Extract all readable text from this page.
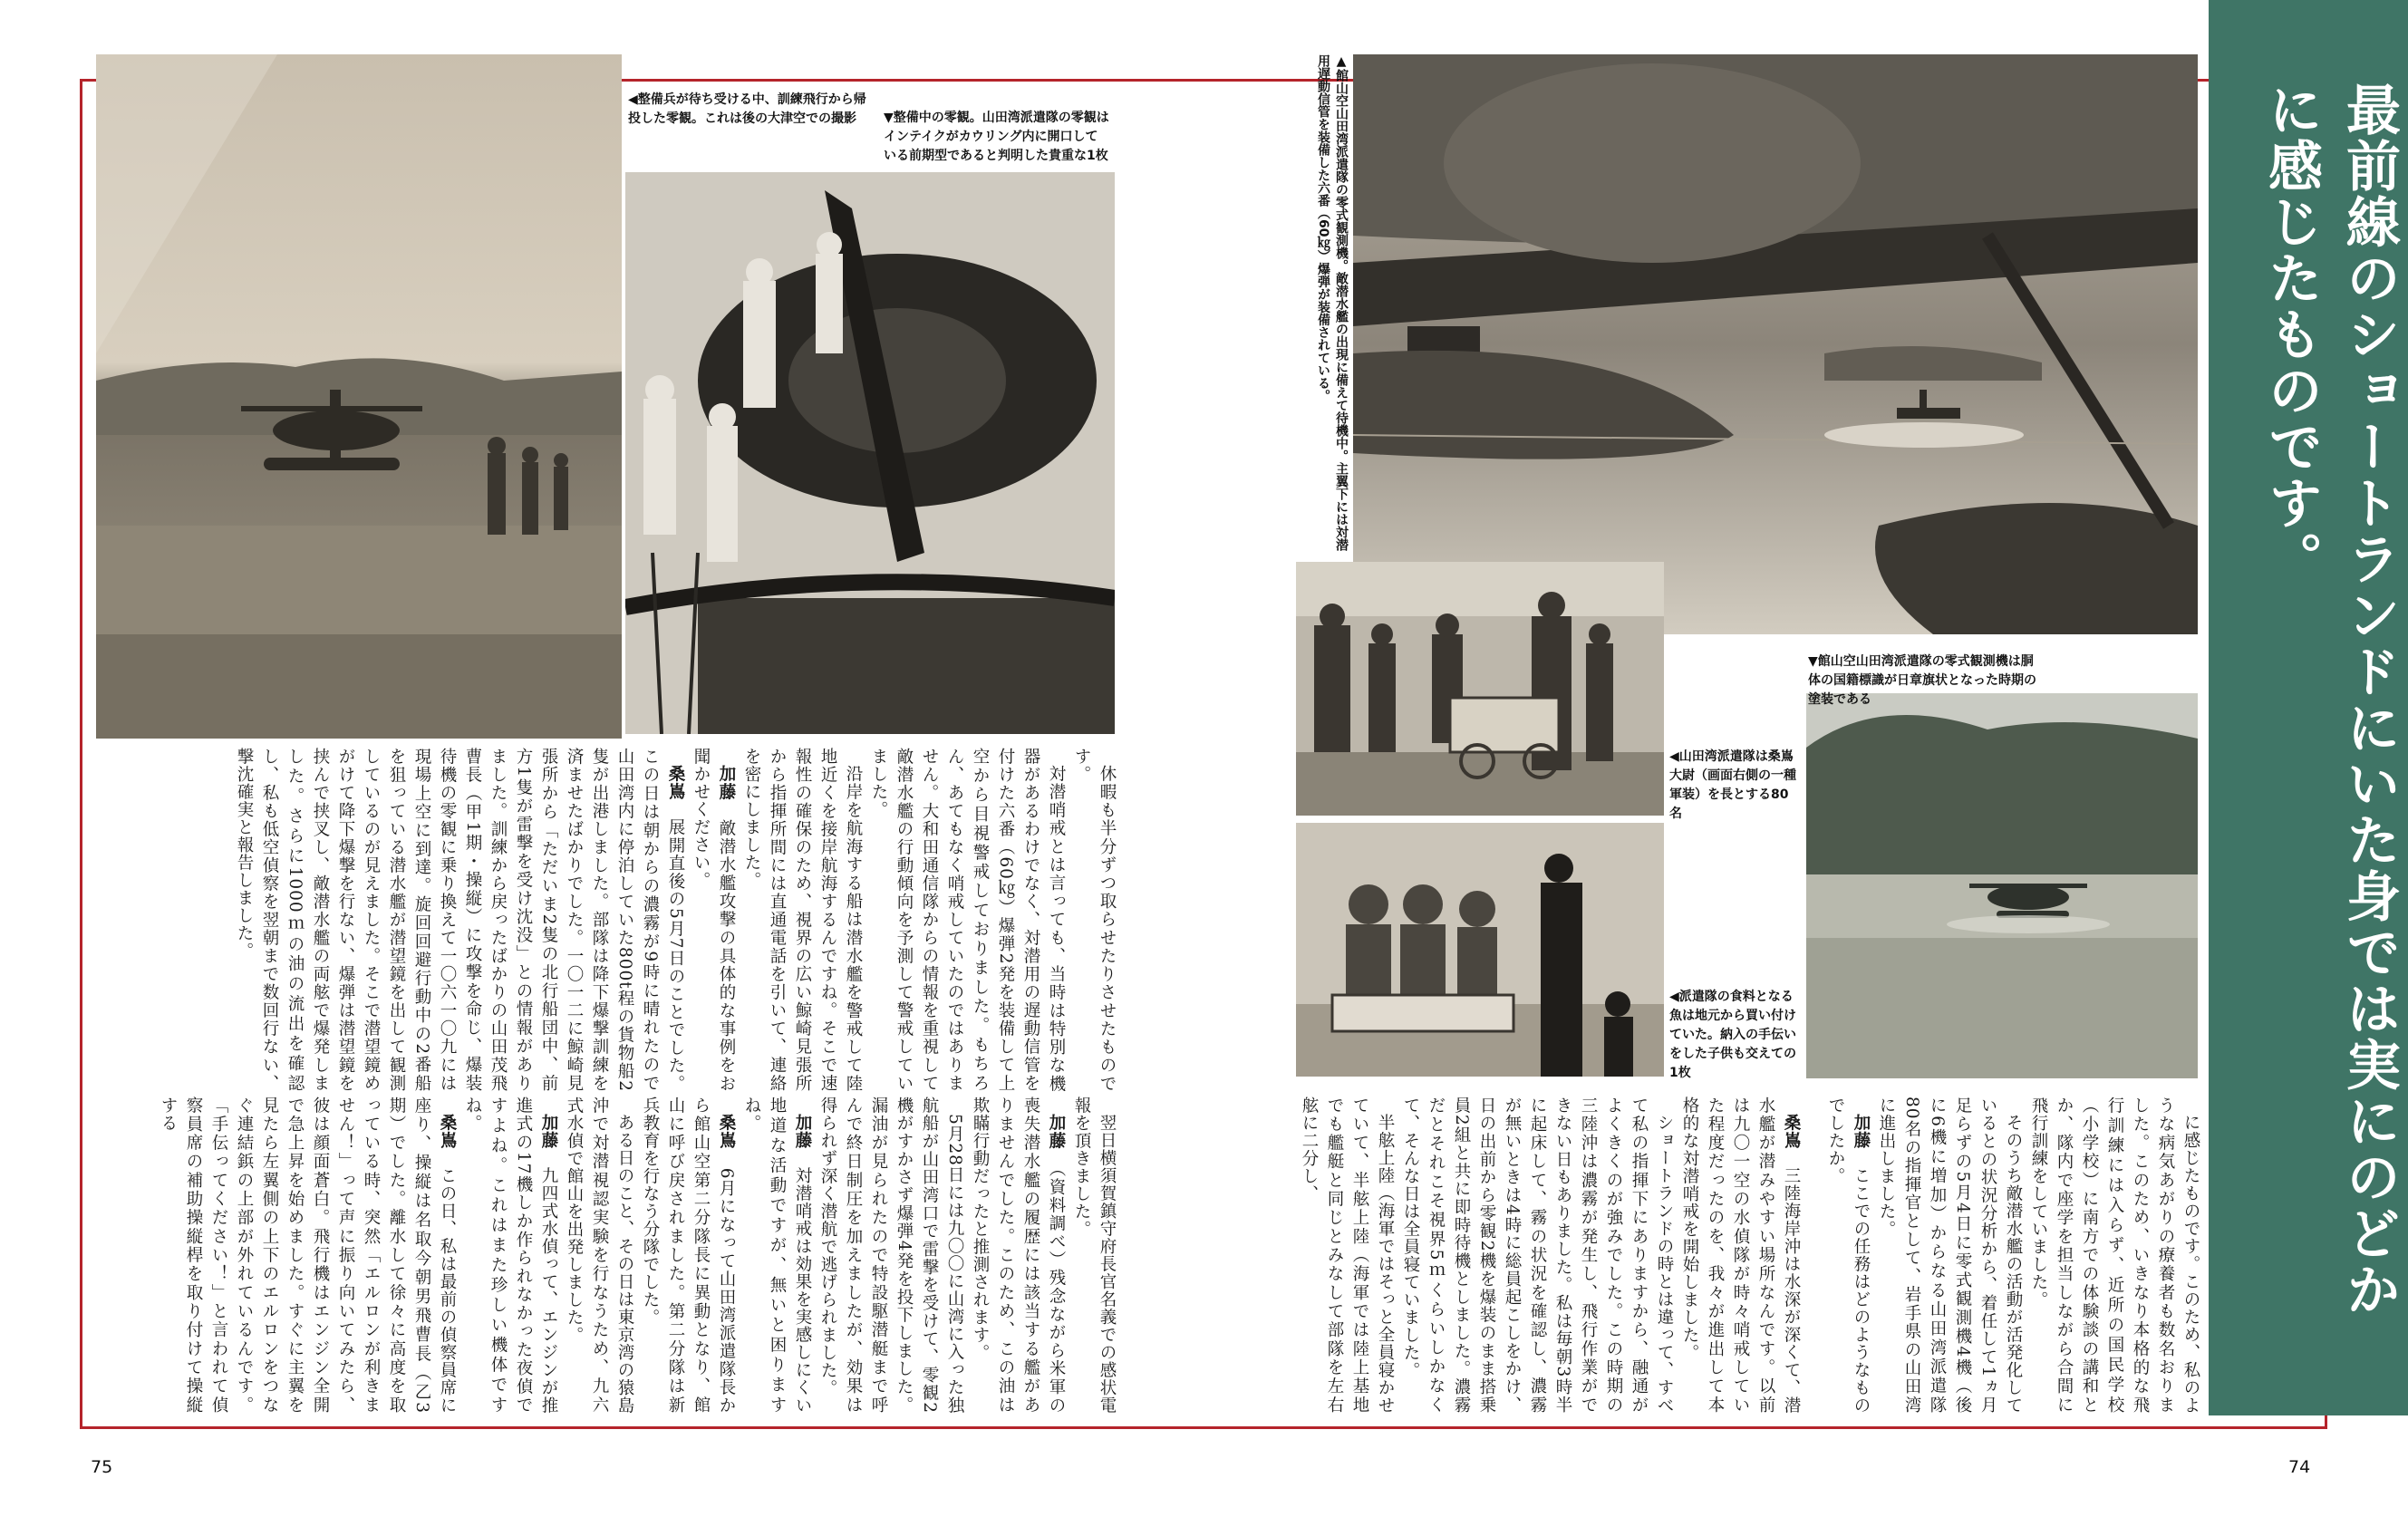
最前線のショートランドにいた身では実にのどかに感じたものです。
◀整備兵が待ち受ける中、訓練飛行から帰投した零観。これは後の大津空での撮影	▼整備中の零観。山田湾派遣隊の零観はインテイクがカウリング内に開口している前期型であると判明した貴重な1枚	▲館山空山田湾派遣隊の零式観測機。敵潜水艦の出現に備えて待機中。主翼下には対潜用遅動信管を装備した六番（60㎏）爆弾が装備されている。
◀山田湾派遣隊は桑嶌大尉（画面右側の一種軍装）を長とする80名
◀派遣隊の食料となる魚は地元から買い付けていた。納入の手伝いをした子供も交えての1枚
▼館山空山田湾派遣隊の零式観測機は胴体の国籍標識が日章旗状となった時期の塗装である

に感じたものです。このため、私のような病気あがりの療養者も数名おりました。このため、いきなり本格的な飛行訓練には入らず、近所の国民学校（小学校）に南方での体験談の講和とか、隊内で座学を担当しながら合間に飛行訓練をしていました。

そのうち敵潜水艦の活動が活発化しているとの状況分析から、着任して1ヵ月足らずの5月4日に零式観測機4機（後に6機に増加）からなる山田湾派遣隊80名の指揮官として、岩手県の山田湾に進出しました。

加藤　ここでの任務はどのようなものでしたか。

桑嶌　三陸海岸沖は水深が深くて、潜水艦が潜みやすい場所なんです。以前は九〇一空の水偵隊が時々哨戒していた程度だったのを、我々が進出して本格的な対潜哨戒を開始しました。

ショートランドの時とは違って、すべて私の指揮下にありますから、融通がよくきくのが強みでした。この時期の三陸沖は濃霧が発生し、飛行作業ができない日もありました。私は毎朝3時半に起床して、霧の状況を確認し、濃霧が無いときは4時に総員起こしをかけ、日の出前から零観2機を爆装のまま搭乗員2組と共に即時待機としました。濃霧だとそれこそ視界5ｍくらいしかなくて、そんな日は全員寝ていました。

半舷上陸（海軍ではそっと全員寝かせていて、半舷上陸（海軍では陸上基地でも艦艇と同じとみなして部隊を左右舷に二分し、

休暇も半分ずつ取らせたりさせたものです。

対潜哨戒とは言っても、当時は特別な機器があるわけでなく、対潜用の遅動信管を付けた六番（60㎏）爆弾2発を装備して上空から目視警戒しておりました。もちろん、あてもなく哨戒していたのではありません。大和田通信隊からの情報を重視して敵潜水艦の行動傾向を予測して警戒していました。

沿岸を航海する船は潜水艦を警戒して陸地近くを接岸航海するんですね。そこで速報性の確保のため、視界の広い鯨崎見張所から指揮所間には直通電話を引いて、連絡を密にしました。

加藤　敵潜水艦攻撃の具体的な事例をお聞かせください。

桑嶌　展開直後の5月7日のことでした。この日は朝からの濃霧が9時に晴れたので山田湾内に停泊していた800t程の貨物船2隻が出港しました。部隊は降下爆撃訓練を済ませたばかりでした。一〇一二に鯨崎見張所から「ただいま2隻の北行船団中、前方1隻が雷撃を受け沈没」との情報がありました。訓練から戻ったばかりの山田茂飛曹長（甲1期・操縦）に攻撃を命じ、爆装待機の零観に乗り換えて一〇六一〇九には現場上空に到達。旋回回避行動中の2番船を狙っている潜水艦が潜望鏡を出して観測しているのが見えました。そこで潜望鏡めがけて降下爆撃を行ない、爆弾は潜望鏡を挟んで挟叉し、敵潜水艦の両舷で爆発しました。さらに1000ｍの油の流出を確認し、私も低空偵察を翌朝まで数回行ない、撃沈確実と報告しました。

翌日横須賀鎮守府長官名義での感状電報を頂きました。

加藤　（資料調べ）残念ながら米軍の喪失潜水艦の履歴には該当する艦がありませんでした。このため、この油は欺瞞行動だったと推測されます。

5月28日には九〇〇に山湾に入った独航船が山田湾口で雷撃を受けて、零観2機がすかさず爆弾4発を投下しました。漏油が見られたので特設駆潜艇まで呼んで終日制圧を加えましたが、効果は得られず深く潜航で逃げられました。

加藤　対潜哨戒は効果を実感しにくい地道な活動ですが、無いと困りますね。

桑嶌　6月になって山田湾派遣隊長から館山空第二分隊長に異動となり、館山に呼び戻されました。第二分隊は新兵教育を行なう分隊でした。

ある日のこと、その日は東京湾の猿島沖で対潜視認実験を行なうため、九六式水偵で館山を出発しました。

加藤　九四式水偵って、エンジンが推進式の17機しか作られなかった夜偵ですよね。これはまた珍しい機体ですね。

桑嶌　この日、私は最前の偵察員席に座り、操縦は名取今朝男飛曹長（乙3期）でした。離水して徐々に高度を取っている時、突然「エルロンが利きません！」って声に振り向いてみたら、彼は顔面蒼白。飛行機はエンジン全開で急上昇を始めました。すぐに主翼を見たら左翼側の上下のエルロンをつなぐ連結鋲の上部が外れているんです。「手伝ってください！」と言われて偵察員席の補助操縦桿を取り付けて操縦する

75	74
